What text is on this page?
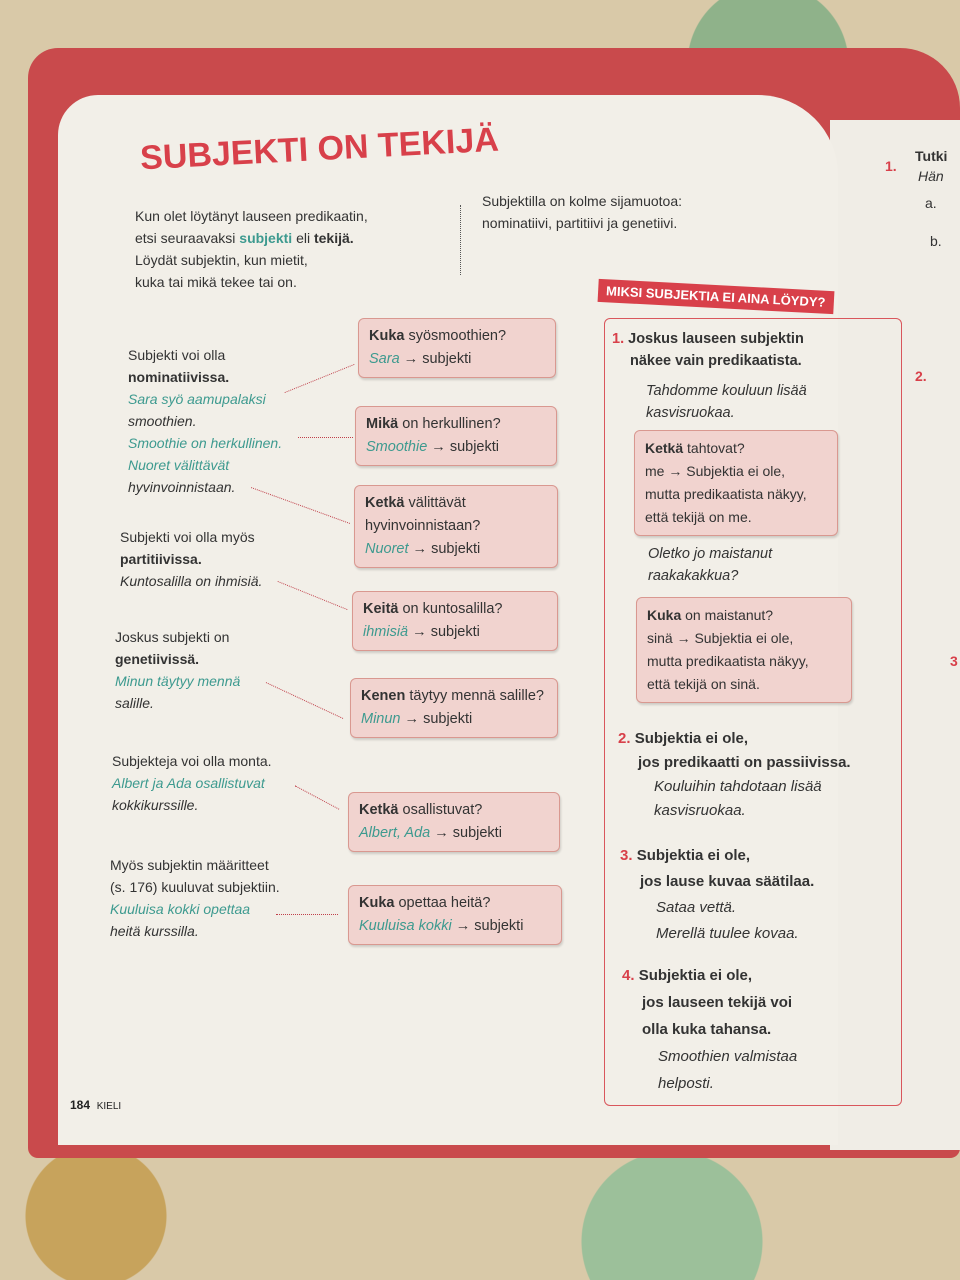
1.
Tutki
Hän
a.
b.
2.
3
SUBJEKTI ON TEKIJÄ
Kun olet löytänyt lauseen predikaatin,
etsi seuraavaksi subjekti eli tekijä.
Löydät subjektin, kun mietit,
kuka tai mikä tekee tai on.
Subjektilla on kolme sijamuotoa:
nominatiivi, partitiivi ja genetiivi.
Subjekti voi olla
nominatiivissa.
Sara syö aamupalaksi
smoothien.
Smoothie on herkullinen.
Nuoret välittävät
hyvinvoinnistaan.
Subjekti voi olla myös
partitiivissa.
Kuntosalilla on ihmisiä.
Joskus subjekti on
genetiivissä.
Minun täytyy mennä
salille.
Subjekteja voi olla monta.
Albert ja Ada osallistuvat
kokkikurssille.
Myös subjektin määritteet
(s. 176) kuuluvat subjektiin.
Kuuluisa kokki opettaa
heitä kurssilla.
Kuka syösmoothien?
Sara → subjekti
Mikä on herkullinen?
Smoothie → subjekti
Ketkä välittävät hyvinvoinnistaan?
Nuoret → subjekti
Keitä on kuntosalilla?
ihmisiä → subjekti
Kenen täytyy mennä salille?
Minun → subjekti
Ketkä osallistuvat?
Albert, Ada → subjekti
Kuka opettaa heitä?
Kuuluisa kokki → subjekti
MIKSI SUBJEKTIA EI AINA LÖYDY?
1. Joskus lauseen subjektin
näkee vain predikaatista.
Tahdomme kouluun lisää
kasvisruokaa.
Ketkä tahtovat?
me → Subjektia ei ole,
mutta predikaatista näkyy,
että tekijä on me.
Oletko jo maistanut
raakakakkua?
Kuka on maistanut?
sinä → Subjektia ei ole,
mutta predikaatista näkyy,
että tekijä on sinä.
2. Subjektia ei ole,
jos predikaatti on passiivissa.
Kouluihin tahdotaan lisää
kasvisruokaa.
3. Subjektia ei ole,
jos lause kuvaa säätilaa.
Sataa vettä.
Merellä tuulee kovaa.
4. Subjektia ei ole,
jos lauseen tekijä voi
olla kuka tahansa.
Smoothien valmistaa
helposti.
184 KIELI
